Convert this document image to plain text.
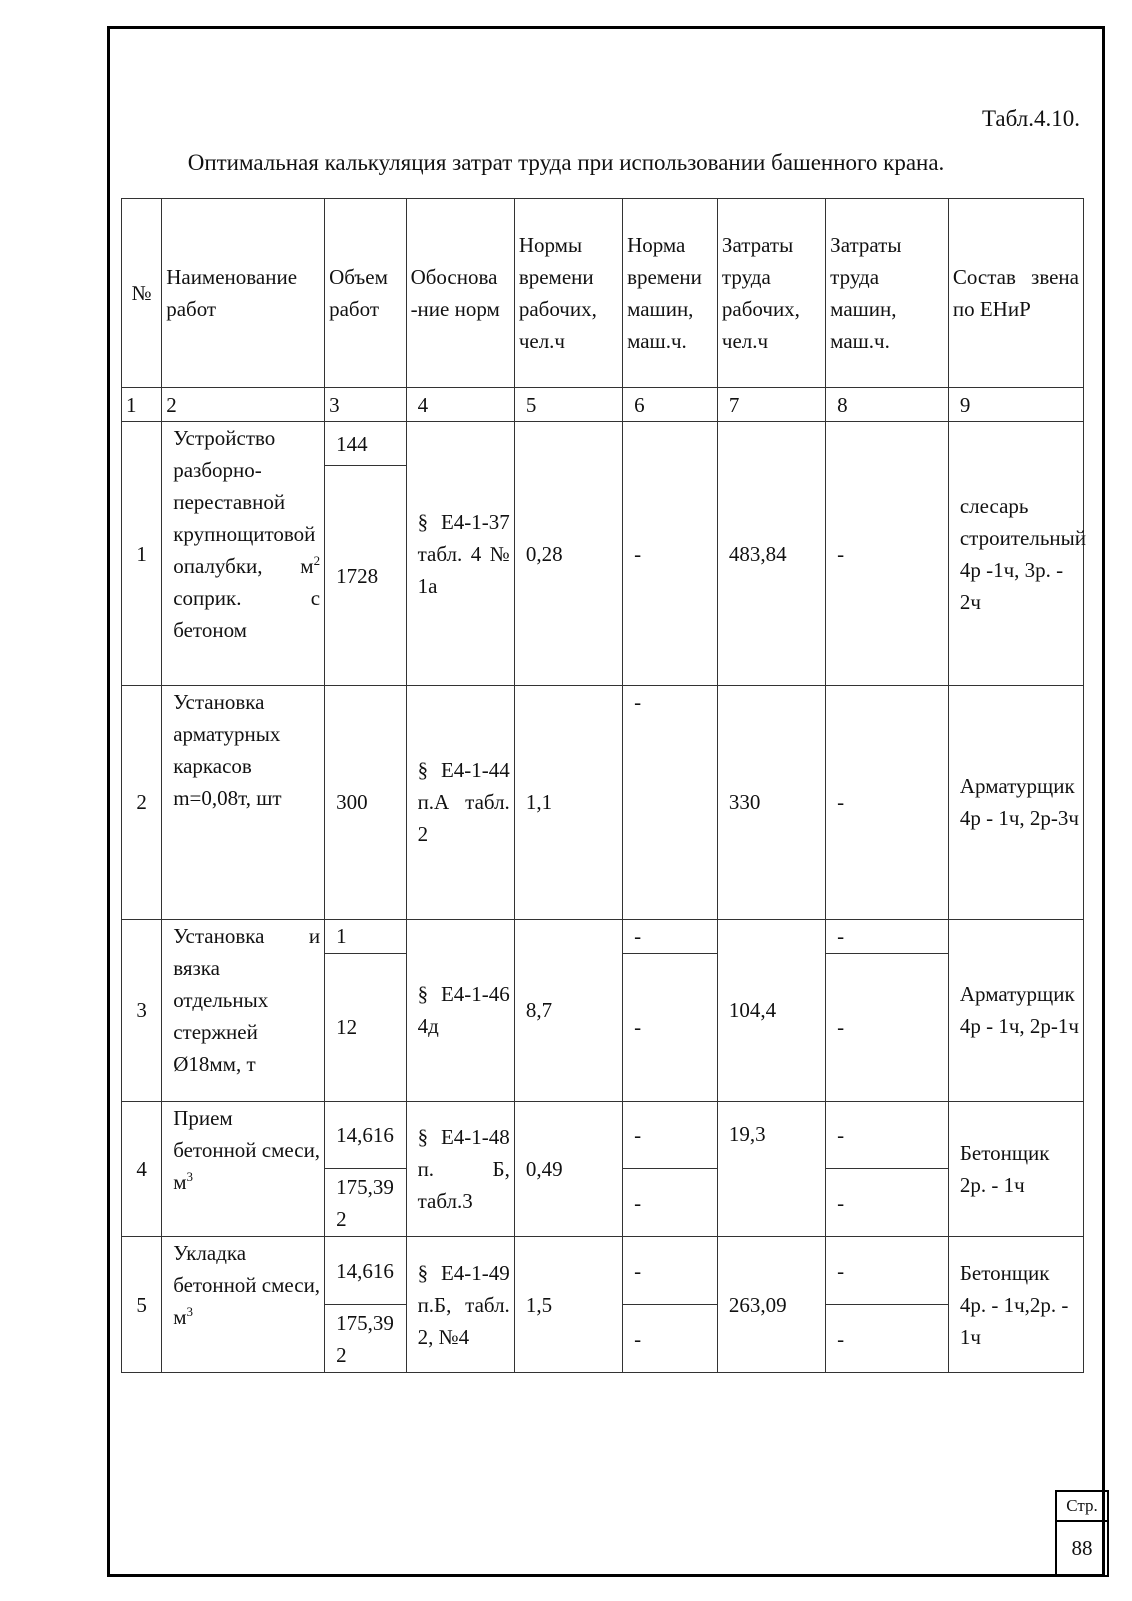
Табл.4.10.
Оптимальная калькуляция затрат труда при использовании башенного крана.
№	Наименование работ	Объем работ	Обоснова -ние норм	Нормы времени рабочих, чел.ч	Норма времени машин, маш.ч.	Затраты труда рабочих, чел.ч	Затраты труда машин, маш.ч.	Состав звена по ЕНиР
1	2	3	4	5	6	7	8	9
1	Устройство разборно-переставной крупнощитовой опалубки, $м^2$ соприк. с бетоном	144	§ Е4-1-37 табл. 4 № 1а	0,28	-	483,84	-	слесарь строительный 4р -1ч, 3р. - 2ч
		1728						
2	Установка арматурных каркасов m=0,08т, шт	300	§ Е4-1-44 п.А табл. 2	1,1	-	330	-	Арматурщик 4р - 1ч, 2р-3ч
3	Установка и вязка отдельных стержней Ø18мм, т	1	§ Е4-1-46 4д	8,7	-	104,4	-	Арматурщик 4р - 1ч, 2р-1ч
		12			-		-	
4	Прием бетонной смеси, $м^3$	14,616	§ Е4-1-48 п. Б, табл.3	0,49	-	19,3	-	Бетонщик 2р. - 1ч
		175,392			-		-	
5	Укладка бетонной смеси, $м^3$	14,616	§ Е4-1-49 п.Б, табл. 2, №4	1,5	-	263,09	-	Бетонщик 4р. - 1ч,2р. - 1ч
		175,392			-		-	
Стр.
88
